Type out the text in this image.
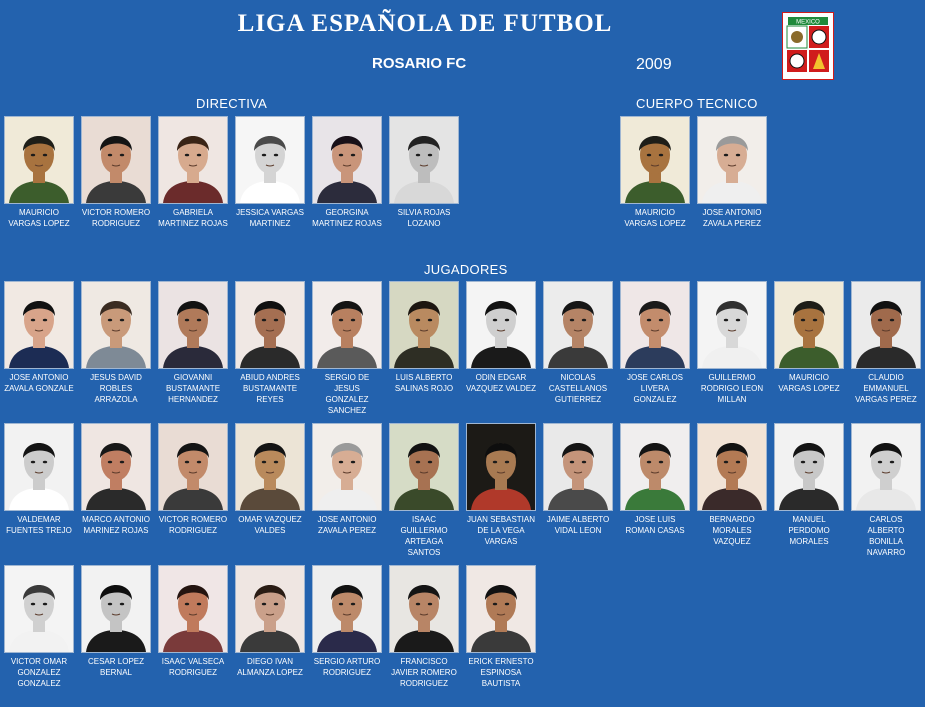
LIGA ESPAÑOLA DE FUTBOL
ROSARIO FC	2009
MEXICO
DIRECTIVA	CUERPO TECNICO
JUGADORES
MAURICIO VARGAS LOPEZ
VICTOR ROMERO RODRIGUEZ
GABRIELA MARTINEZ ROJAS
JESSICA VARGAS MARTINEZ
GEORGINA MARTINEZ ROJAS
SILVIA ROJAS LOZANO
MAURICIO VARGAS LOPEZ
JOSE ANTONIO ZAVALA PEREZ
JOSE ANTONIO ZAVALA GONZALE
JESUS DAVID ROBLES ARRAZOLA
GIOVANNI BUSTAMANTE HERNANDEZ
ABIUD ANDRES BUSTAMANTE REYES
SERGIO DE JESUS GONZALEZ SANCHEZ
LUIS ALBERTO SALINAS ROJO
ODIN EDGAR VAZQUEZ VALDEZ
NICOLAS CASTELLANOS GUTIERREZ
JOSE CARLOS LIVERA GONZALEZ
GUILLERMO RODRIGO LEON MILLAN
MAURICIO VARGAS LOPEZ
CLAUDIO EMMANUEL VARGAS PEREZ
VALDEMAR FUENTES TREJO
MARCO ANTONIO MARINEZ ROJAS
VICTOR ROMERO RODRIGUEZ
OMAR VAZQUEZ VALDES
JOSE ANTONIO ZAVALA PEREZ
ISAAC GUILLERMO ARTEAGA SANTOS
JUAN SEBASTIAN DE LA VEGA VARGAS
JAIME ALBERTO VIDAL LEON
JOSE LUIS ROMAN CASAS
BERNARDO MORALES VAZQUEZ
MANUEL PERDOMO MORALES
CARLOS ALBERTO BONILLA NAVARRO
VICTOR OMAR GONZALEZ GONZALEZ
CESAR LOPEZ BERNAL
ISAAC VALSECA RODRIGUEZ
DIEGO IVAN ALMANZA LOPEZ
SERGIO ARTURO RODRIGUEZ
FRANCISCO JAVIER ROMERO RODRIGUEZ
ERICK ERNESTO ESPINOSA BAUTISTA
